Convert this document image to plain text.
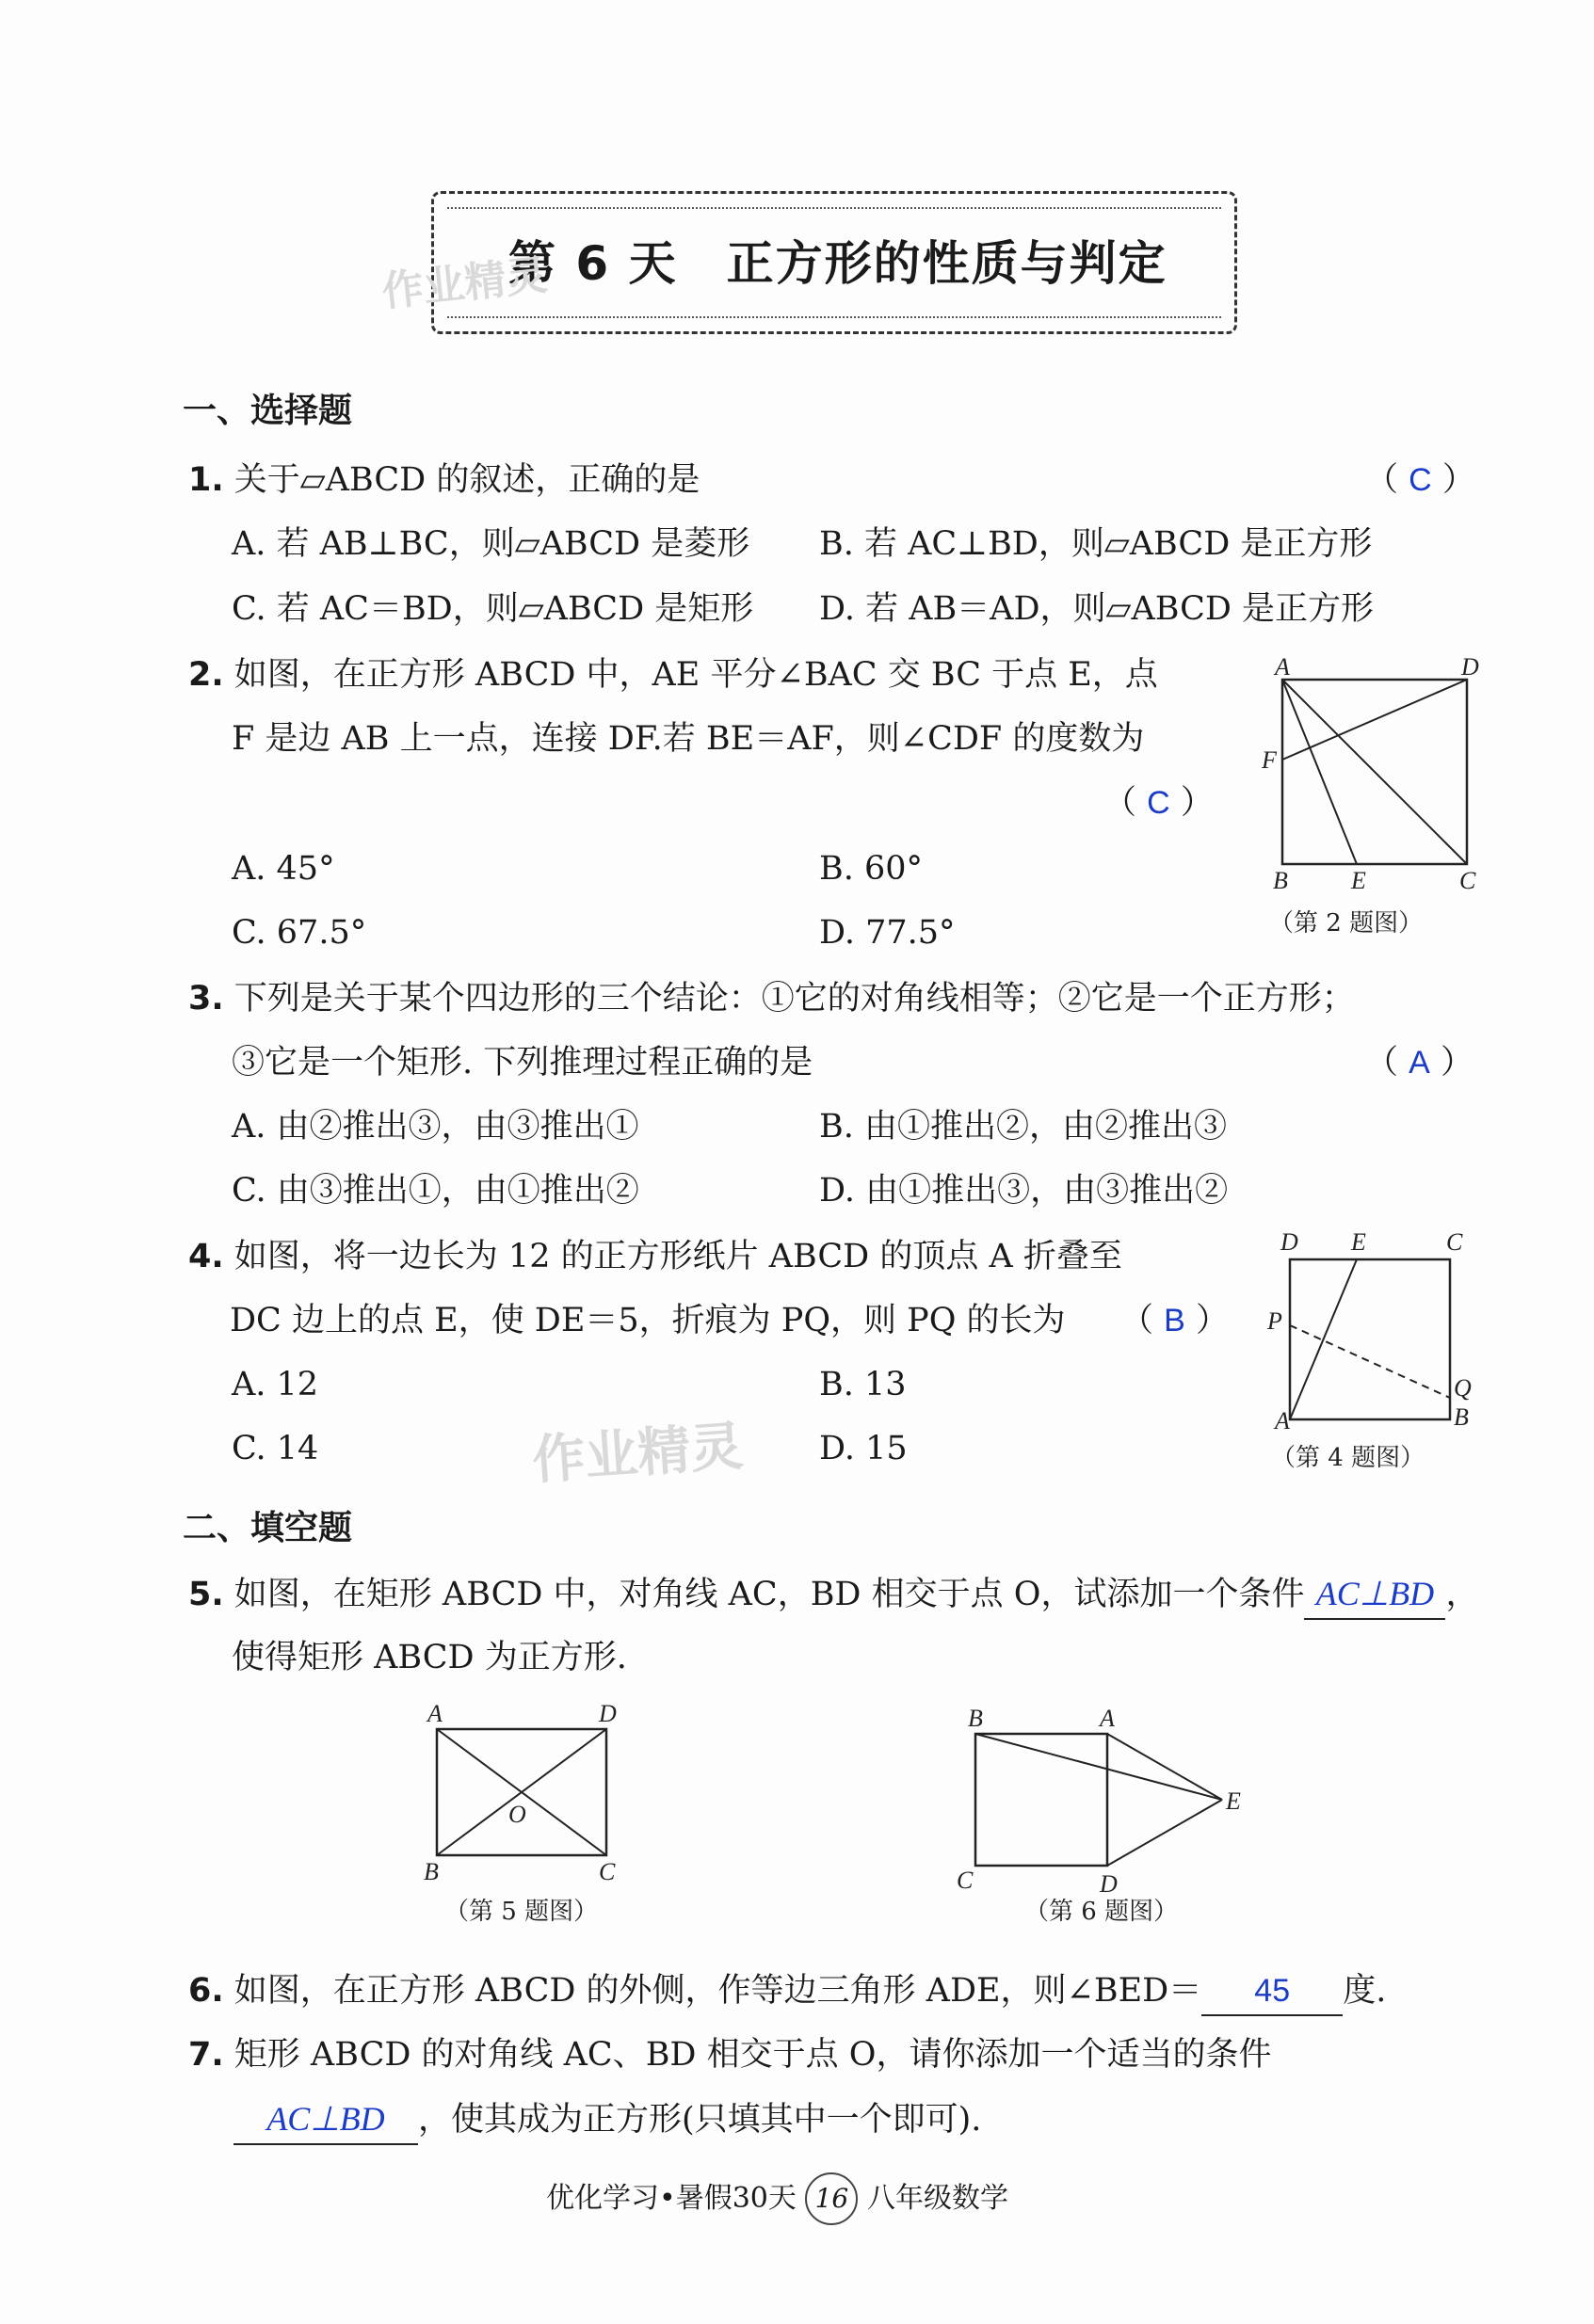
第 6 天　正方形的性质与判定
作业精灵
一、选择题
1. 关于▱ABCD 的叙述，正确的是	（ C ）
A. 若 AB⊥BC，则▱ABCD 是菱形 B. 若 AC⊥BD，则▱ABCD 是正方形
C. 若 AC＝BD，则▱ABCD 是矩形 D. 若 AB＝AD，则▱ABCD 是正方形
2. 如图，在正方形 ABCD 中，AE 平分∠BAC 交 BC 于点 E，点
F 是边 AB 上一点，连接 DF.若 BE＝AF，则∠CDF 的度数为
（ C ）
A. 45°	B. 60°
C. 67.5°	D. 77.5°
A	D
F
B	E	C
（第 2 题图）
3. 下列是关于某个四边形的三个结论：①它的对角线相等；②它是一个正方形；
③它是一个矩形. 下列推理过程正确的是	（ A ）
A. 由②推出③，由③推出①	B. 由①推出②，由②推出③
C. 由③推出①，由①推出②	D. 由①推出③，由③推出②
4. 如图，将一边长为 12 的正方形纸片 ABCD 的顶点 A 折叠至
DC 边上的点 E，使 DE＝5，折痕为 PQ，则 PQ 的长为 （ B ）
A. 12	B. 13
C. 14	D. 15
作业精灵
D E	C
P
Q
A	B
（第 4 题图）
二、填空题
5. 如图，在矩形 ABCD 中，对角线 AC，BD 相交于点 O，试添加一个条件 AC⊥BD ，
使得矩形 ABCD 为正方形.
A	D
O
B	C
（第 5 题图）
B	A
E
C	D
（第 6 题图）
6. 如图，在正方形 ABCD 的外侧，作等边三角形 ADE，则∠BED＝ 45 度.
7. 矩形 ABCD 的对角线 AC、BD 相交于点 O，请你添加一个适当的条件
AC⊥BD ，使其成为正方形(只填其中一个即可).
优化学习•暑假30天 16 八年级数学
